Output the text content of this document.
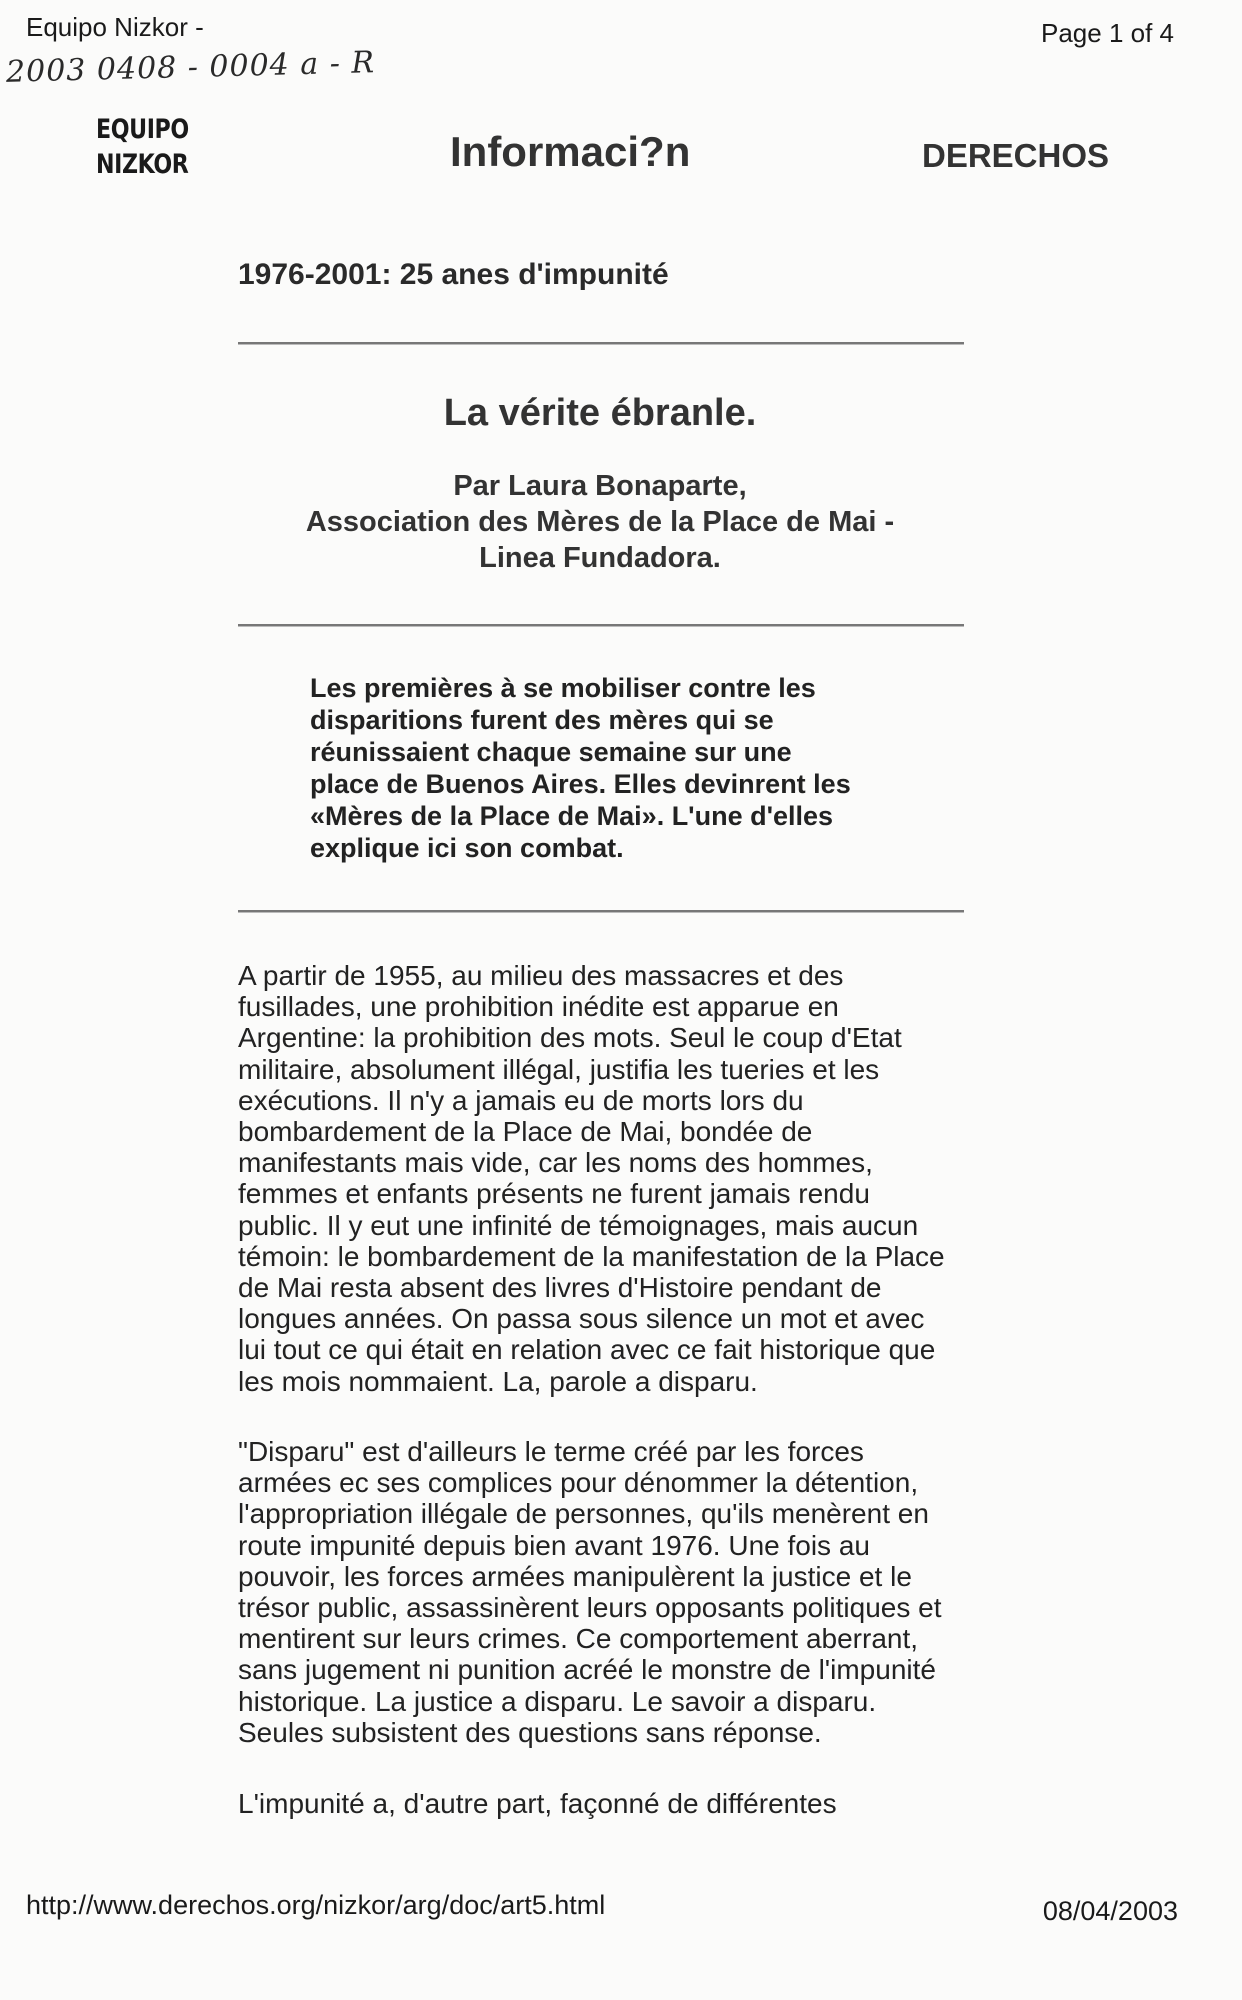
Equipo Nizkor -	Page 1 of 4
2003 0408 - 0004 a - R
EQUIPO
NIZKOR	Informaci?n	DERECHOS
1976-2001: 25 anes d'impunité
La vérite ébranle.
Par Laura Bonaparte,
Association des Mères de la Place de Mai -
Linea Fundadora.
Les premières à se mobiliser contre les
disparitions furent des mères qui se
réunissaient chaque semaine sur une
place de Buenos Aires. Elles devinrent les
«Mères de la Place de Mai». L'une d'elles
explique ici son combat.
A partir de 1955, au milieu des massacres et des
fusillades, une prohibition inédite est apparue en
Argentine: la prohibition des mots. Seul le coup d'Etat
militaire, absolument illégal, justifia les tueries et les
exécutions. Il n'y a jamais eu de morts lors du
bombardement de la Place de Mai, bondée de
manifestants mais vide, car les noms des hommes,
femmes et enfants présents ne furent jamais rendu
public. Il y eut une infinité de témoignages, mais aucun
témoin: le bombardement de la manifestation de la Place
de Mai resta absent des livres d'Histoire pendant de
longues années. On passa sous silence un mot et avec
lui tout ce qui était en relation avec ce fait historique que
les mois nommaient. La, parole a disparu.
"Disparu" est d'ailleurs le terme créé par les forces
armées ec ses complices pour dénommer la détention,
l'appropriation illégale de personnes, qu'ils menèrent en
route impunité depuis bien avant 1976. Une fois au
pouvoir, les forces armées manipulèrent la justice et le
trésor public, assassinèrent leurs opposants politiques et
mentirent sur leurs crimes. Ce comportement aberrant,
sans jugement ni punition acréé le monstre de l'impunité
historique. La justice a disparu. Le savoir a disparu.
Seules subsistent des questions sans réponse.
L'impunité a, d'autre part, façonné de différentes
http://www.derechos.org/nizkor/arg/doc/art5.html	08/04/2003
